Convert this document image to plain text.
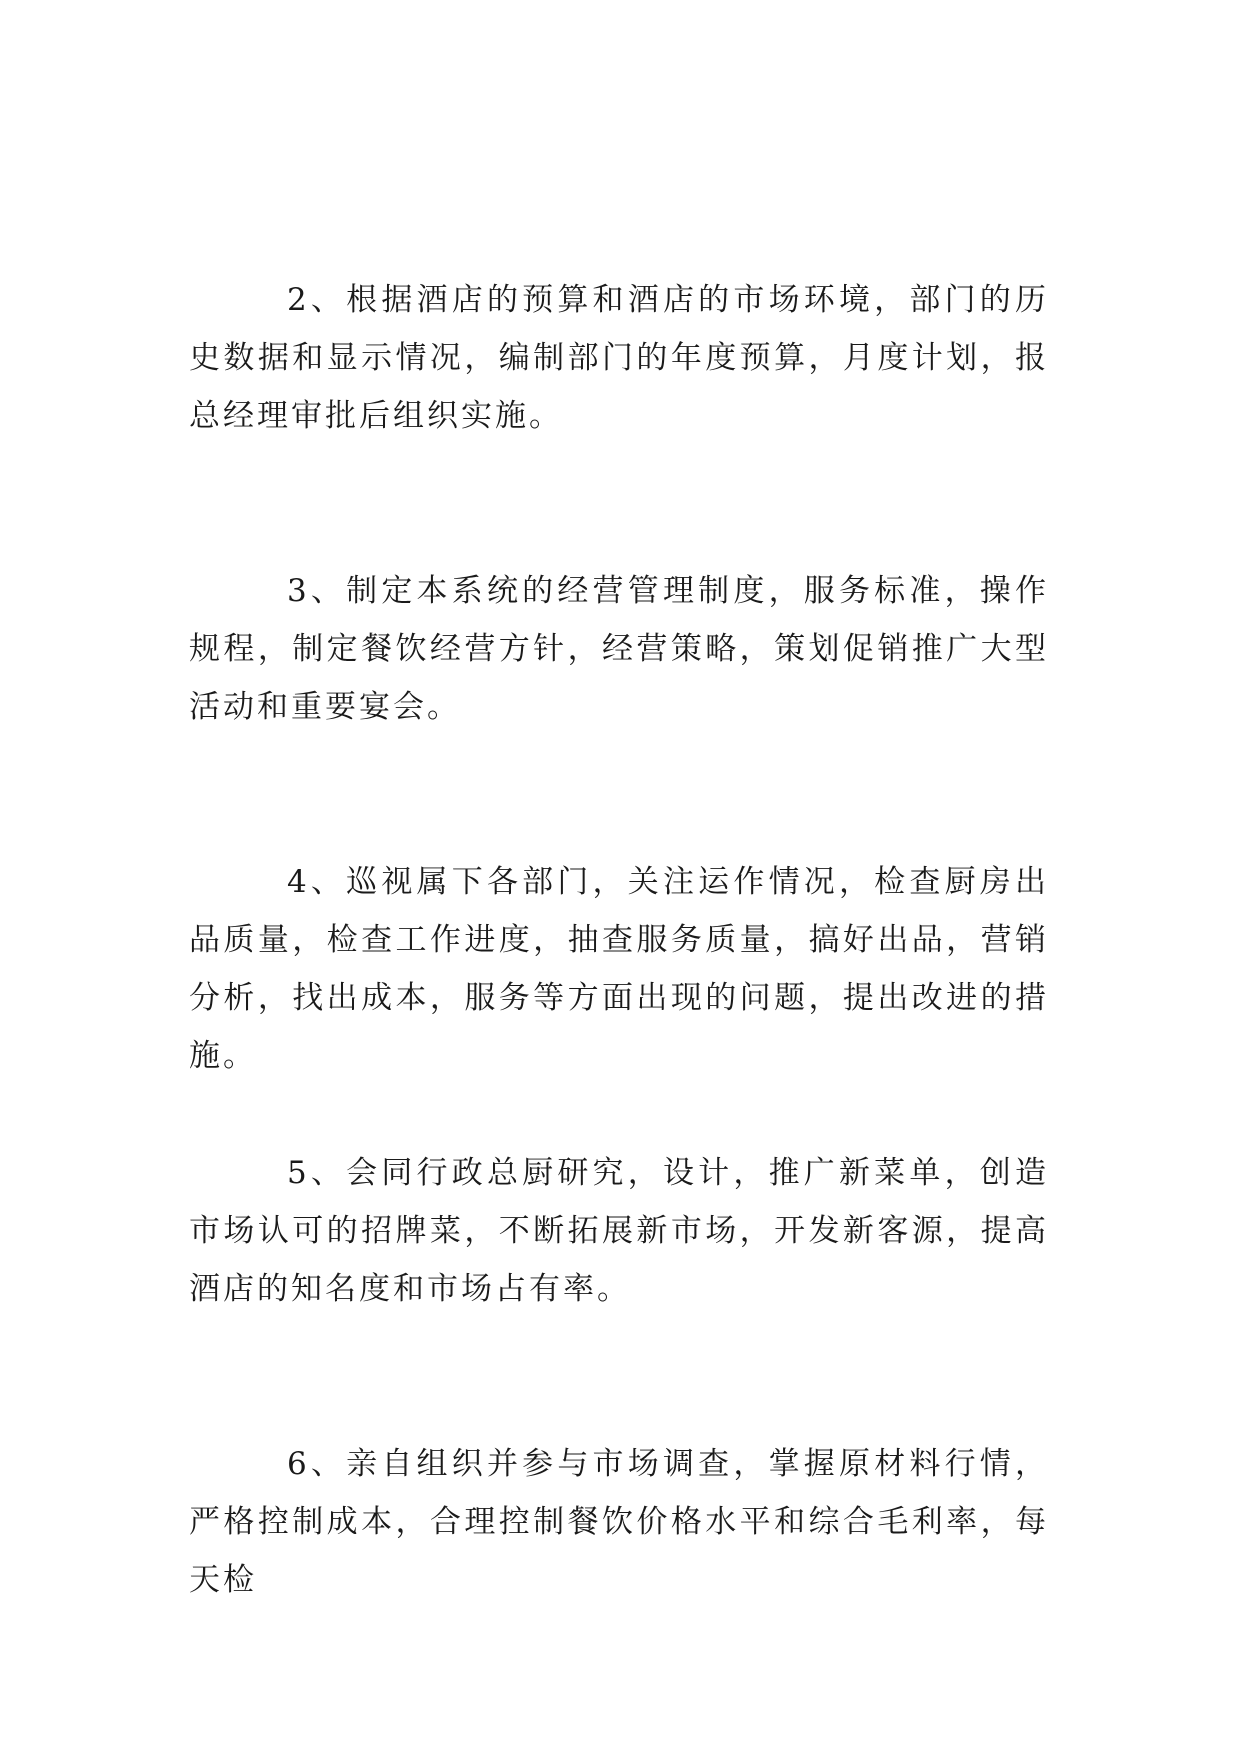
2、根据酒店的预算和酒店的市场环境，部门的历史数据和显示情况，编制部门的年度预算，月度计划，报总经理审批后组织实施。

3、制定本系统的经营管理制度，服务标准，操作规程，制定餐饮经营方针，经营策略，策划促销推广大型活动和重要宴会。

4、巡视属下各部门，关注运作情况，检查厨房出品质量，检查工作进度，抽查服务质量，搞好出品，营销分析，找出成本，服务等方面出现的问题，提出改进的措施。

5、会同行政总厨研究，设计，推广新菜单，创造市场认可的招牌菜，不断拓展新市场，开发新客源，提高酒店的知名度和市场占有率。

6、亲自组织并参与市场调查，掌握原材料行情，严格控制成本，合理控制餐饮价格水平和综合毛利率，每天检
